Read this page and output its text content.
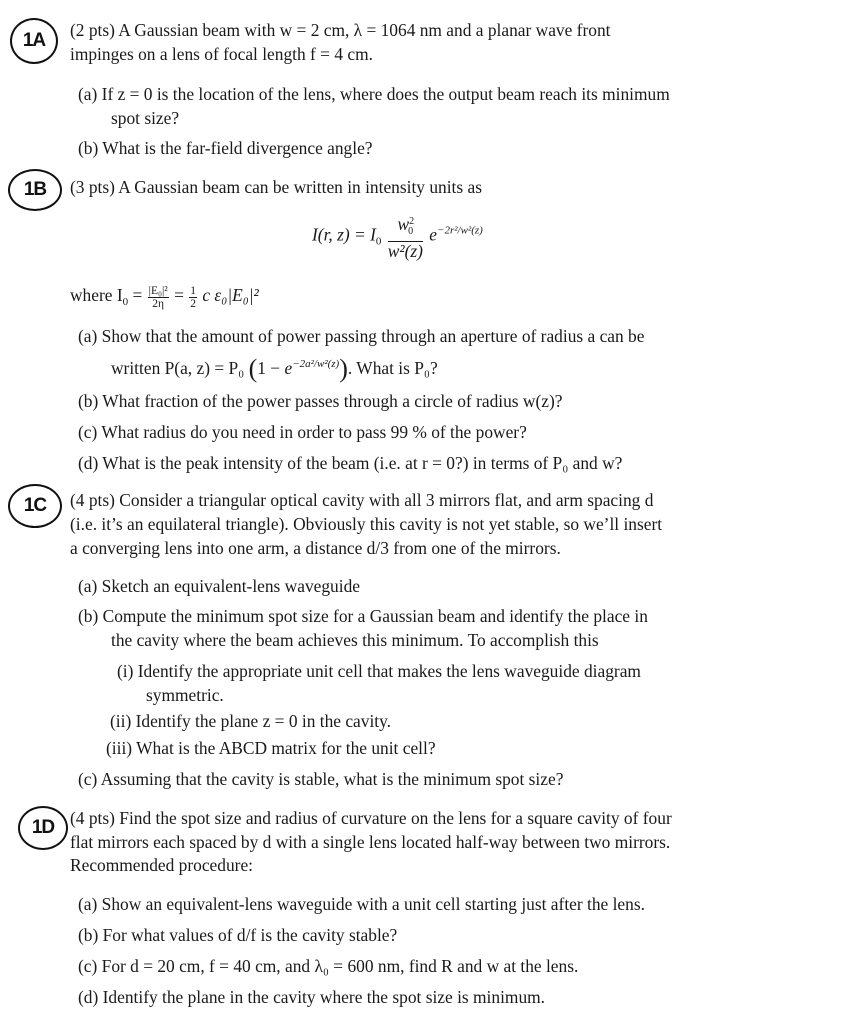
1A
1B
1C
1D
(2 pts) A Gaussian beam with w = 2 cm, λ = 1064 nm and a planar wave front
impinges on a lens of focal length f = 4 cm.
(a) If z = 0 is the location of the lens, where does the output beam reach its minimum
spot size?
(b) What is the far-field divergence angle?
(3 pts) A Gaussian beam can be written in intensity units as
I(r, $z) = I_0 \frac{w^2_0}{\text{w²(z)}} e^{-2r^2/w^2(z)}$
where $I_0 = \frac{\text{|E₀|²}}{2\eta} = \frac{1}{2}$ c ε₀|E₀|²
(a) Show that the amount of power passing through an aperture of radius a can be
written P(a, z) = P₀ $(1 - e^{-2a^2/w^2(z)})$. What is P₀?
(b) What fraction of the power passes through a circle of radius w(z)?
(c) What radius do you need in order to pass 99 % of the power?
(d) What is the peak intensity of the beam (i.e. at r = 0?) in terms of P₀ and w?
(4 pts) Consider a triangular optical cavity with all 3 mirrors flat, and arm spacing d
(i.e. it’s an equilateral triangle). Obviously this cavity is not yet stable, so we’ll insert
a converging lens into one arm, a distance d/3 from one of the mirrors.
(a) Sketch an equivalent-lens waveguide
(b) Compute the minimum spot size for a Gaussian beam and identify the place in
the cavity where the beam achieves this minimum. To accomplish this
(i) Identify the appropriate unit cell that makes the lens waveguide diagram
symmetric.
(ii) Identify the plane z = 0 in the cavity.
(iii) What is the ABCD matrix for the unit cell?
(c) Assuming that the cavity is stable, what is the minimum spot size?
(4 pts) Find the spot size and radius of curvature on the lens for a square cavity of four
flat mirrors each spaced by d with a single lens located half-way between two mirrors.
Recommended procedure:
(a) Show an equivalent-lens waveguide with a unit cell starting just after the lens.
(b) For what values of d/f is the cavity stable?
(c) For d = 20 cm, f = 40 cm, and λ₀ = 600 nm, find R and w at the lens.
(d) Identify the plane in the cavity where the spot size is minimum.
